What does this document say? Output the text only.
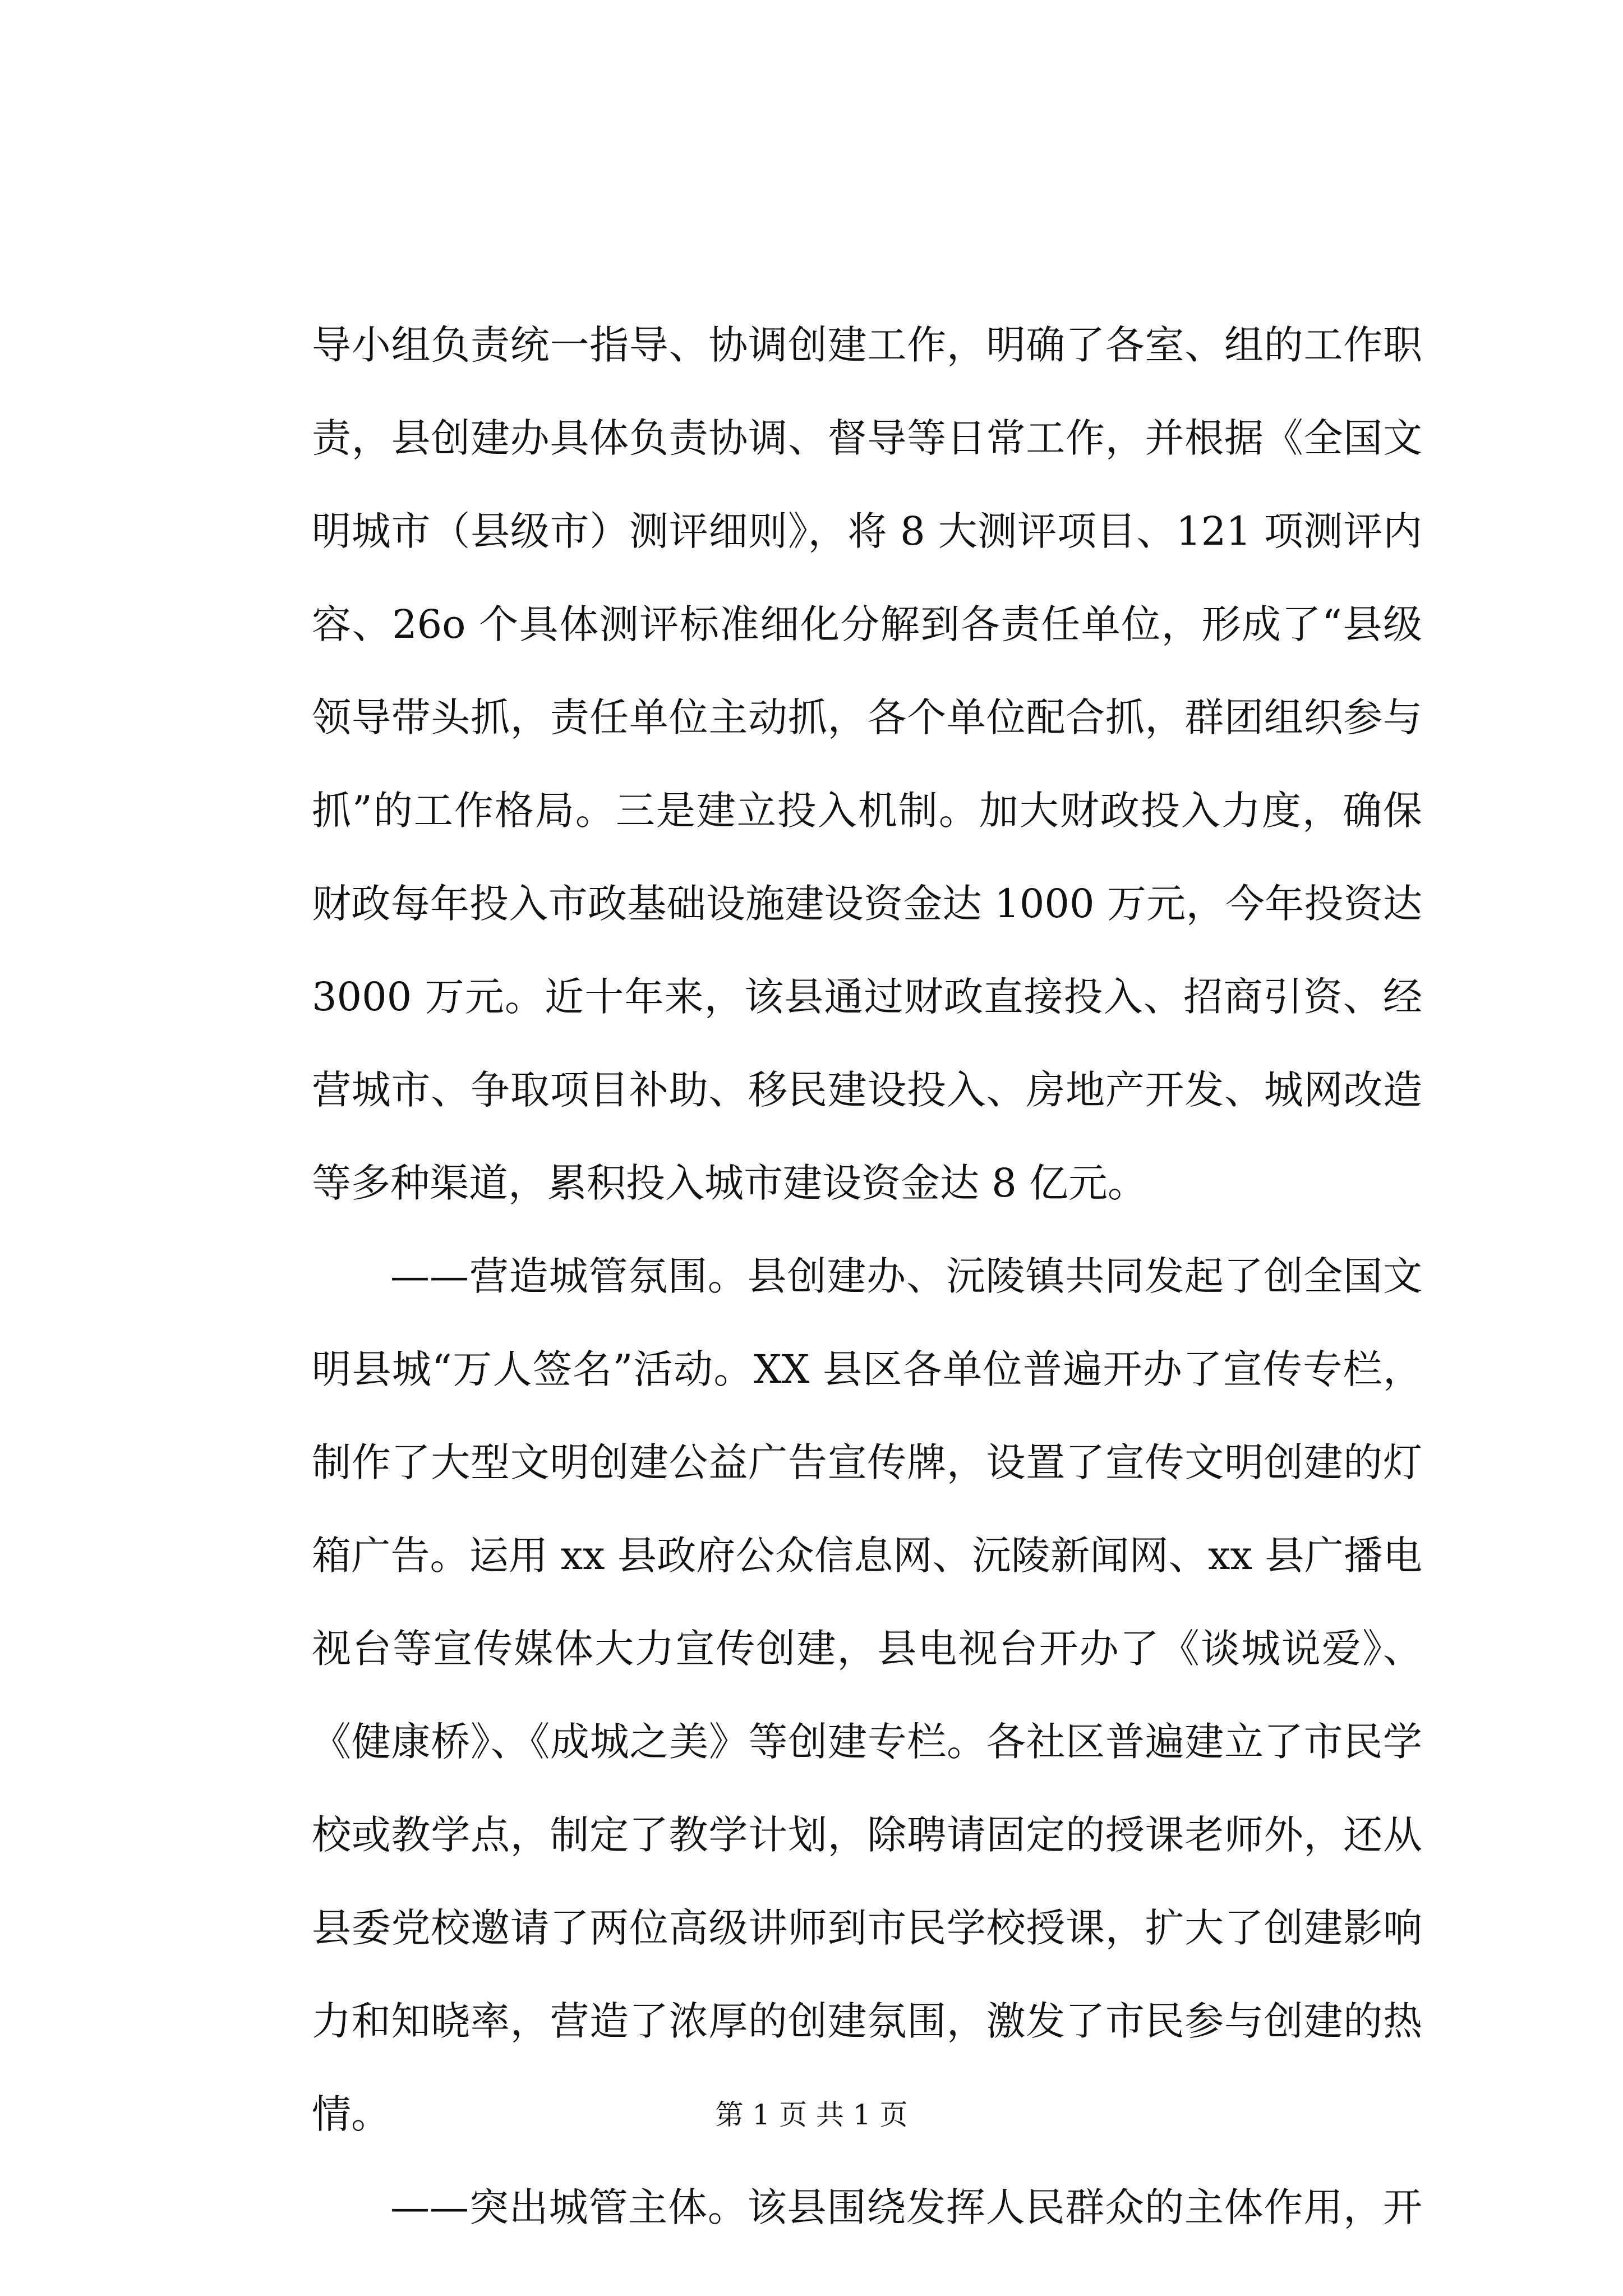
导小组负责统一指导、协调创建工作，明确了各室、组的工作职
责，县创建办具体负责协调、督导等日常工作，并根据《全国文
明城市（县级市）测评细则》，将 8 大测评项目、121 项测评内
容、26o 个具体测评标准细化分解到各责任单位，形成了“县级
领导带头抓，责任单位主动抓，各个单位配合抓，群团组织参与
抓”的工作格局。三是建立投入机制。加大财政投入力度，确保
财政每年投入市政基础设施建设资金达 1000 万元，今年投资达
3000 万元。近十年来，该县通过财政直接投入、招商引资、经
营城市、争取项目补助、移民建设投入、房地产开发、城网改造
等多种渠道，累积投入城市建设资金达 8 亿元。
——营造城管氛围。县创建办、沅陵镇共同发起了创全国文
明县城“万人签名”活动。XX 县区各单位普遍开办了宣传专栏，
制作了大型文明创建公益广告宣传牌，设置了宣传文明创建的灯
箱广告。运用 xx 县政府公众信息网、沅陵新闻网、xx 县广播电
视台等宣传媒体大力宣传创建，县电视台开办了《谈城说爱》、
《健康桥》、《成城之美》等创建专栏。各社区普遍建立了市民学
校或教学点，制定了教学计划，除聘请固定的授课老师外，还从
县委党校邀请了两位高级讲师到市民学校授课，扩大了创建影响
力和知晓率，营造了浓厚的创建氛围，激发了市民参与创建的热
情。
——突出城管主体。该县围绕发挥人民群众的主体作用，开
第 1 页 共 1 页
